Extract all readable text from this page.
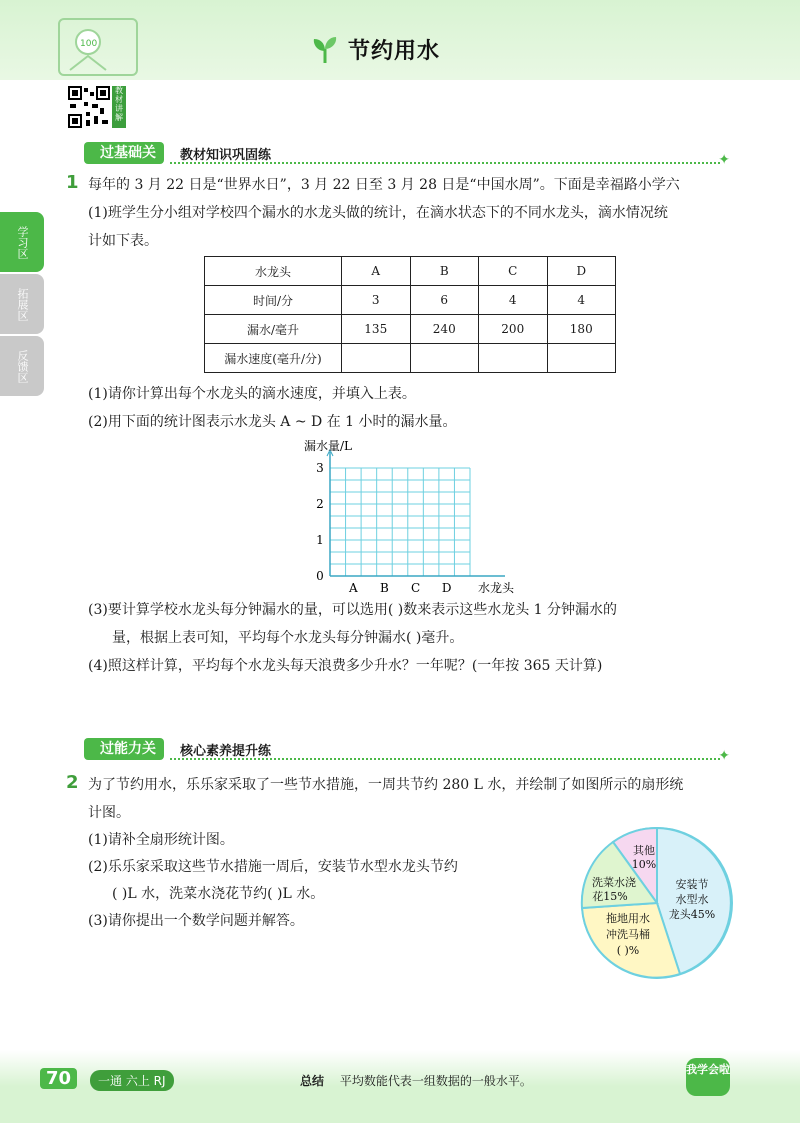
100	节约用水
教材讲解
学习区
拓展区
反馈区
过基础关	教材知识巩固练	✦
1 每年的 3 月 22 日是“世界水日”，3 月 22 日至 3 月 28 日是“中国水周”。下面是幸福路小学六
(1)班学生分小组对学校四个漏水的水龙头做的统计，在滴水状态下的不同水龙头，滴水情况统
计如下表。
水龙头	A	B	C	D
时间/分	3	6	4	4
漏水/毫升	135	240	200	180
漏水速度(毫升/分)				
(1)请你计算出每个水龙头的滴水速度，并填入上表。
(2)用下面的统计图表示水龙头 A ~ D 在 1 小时的漏水量。
0
1
2
3
A B C D
漏水量/L
水龙头
(3)要计算学校水龙头每分钟漏水的量，可以选用( )数来表示这些水龙头 1 分钟漏水的
量，根据上表可知，平均每个水龙头每分钟漏水( )毫升。
(4)照这样计算，平均每个水龙头每天浪费多少升水？一年呢？(一年按 365 天计算)
过能力关	核心素养提升练	✦
2 为了节约用水，乐乐家采取了一些节水措施，一周共节约 280 L 水，并绘制了如图所示的扇形统
计图。
(1)请补全扇形统计图。
(2)乐乐家采取这些节水措施一周后，安装节水型水龙头节约
( )L 水，洗菜水浇花节约( )L 水。
(3)请你提出一个数学问题并解答。
其他
10%
安装节
水型水
龙头45%
洗菜水浇
花15%
拖地用水
冲洗马桶
( )%
70	一通 六上 RJ	总结 平均数能代表一组数据的一般水平。
我学会啦
